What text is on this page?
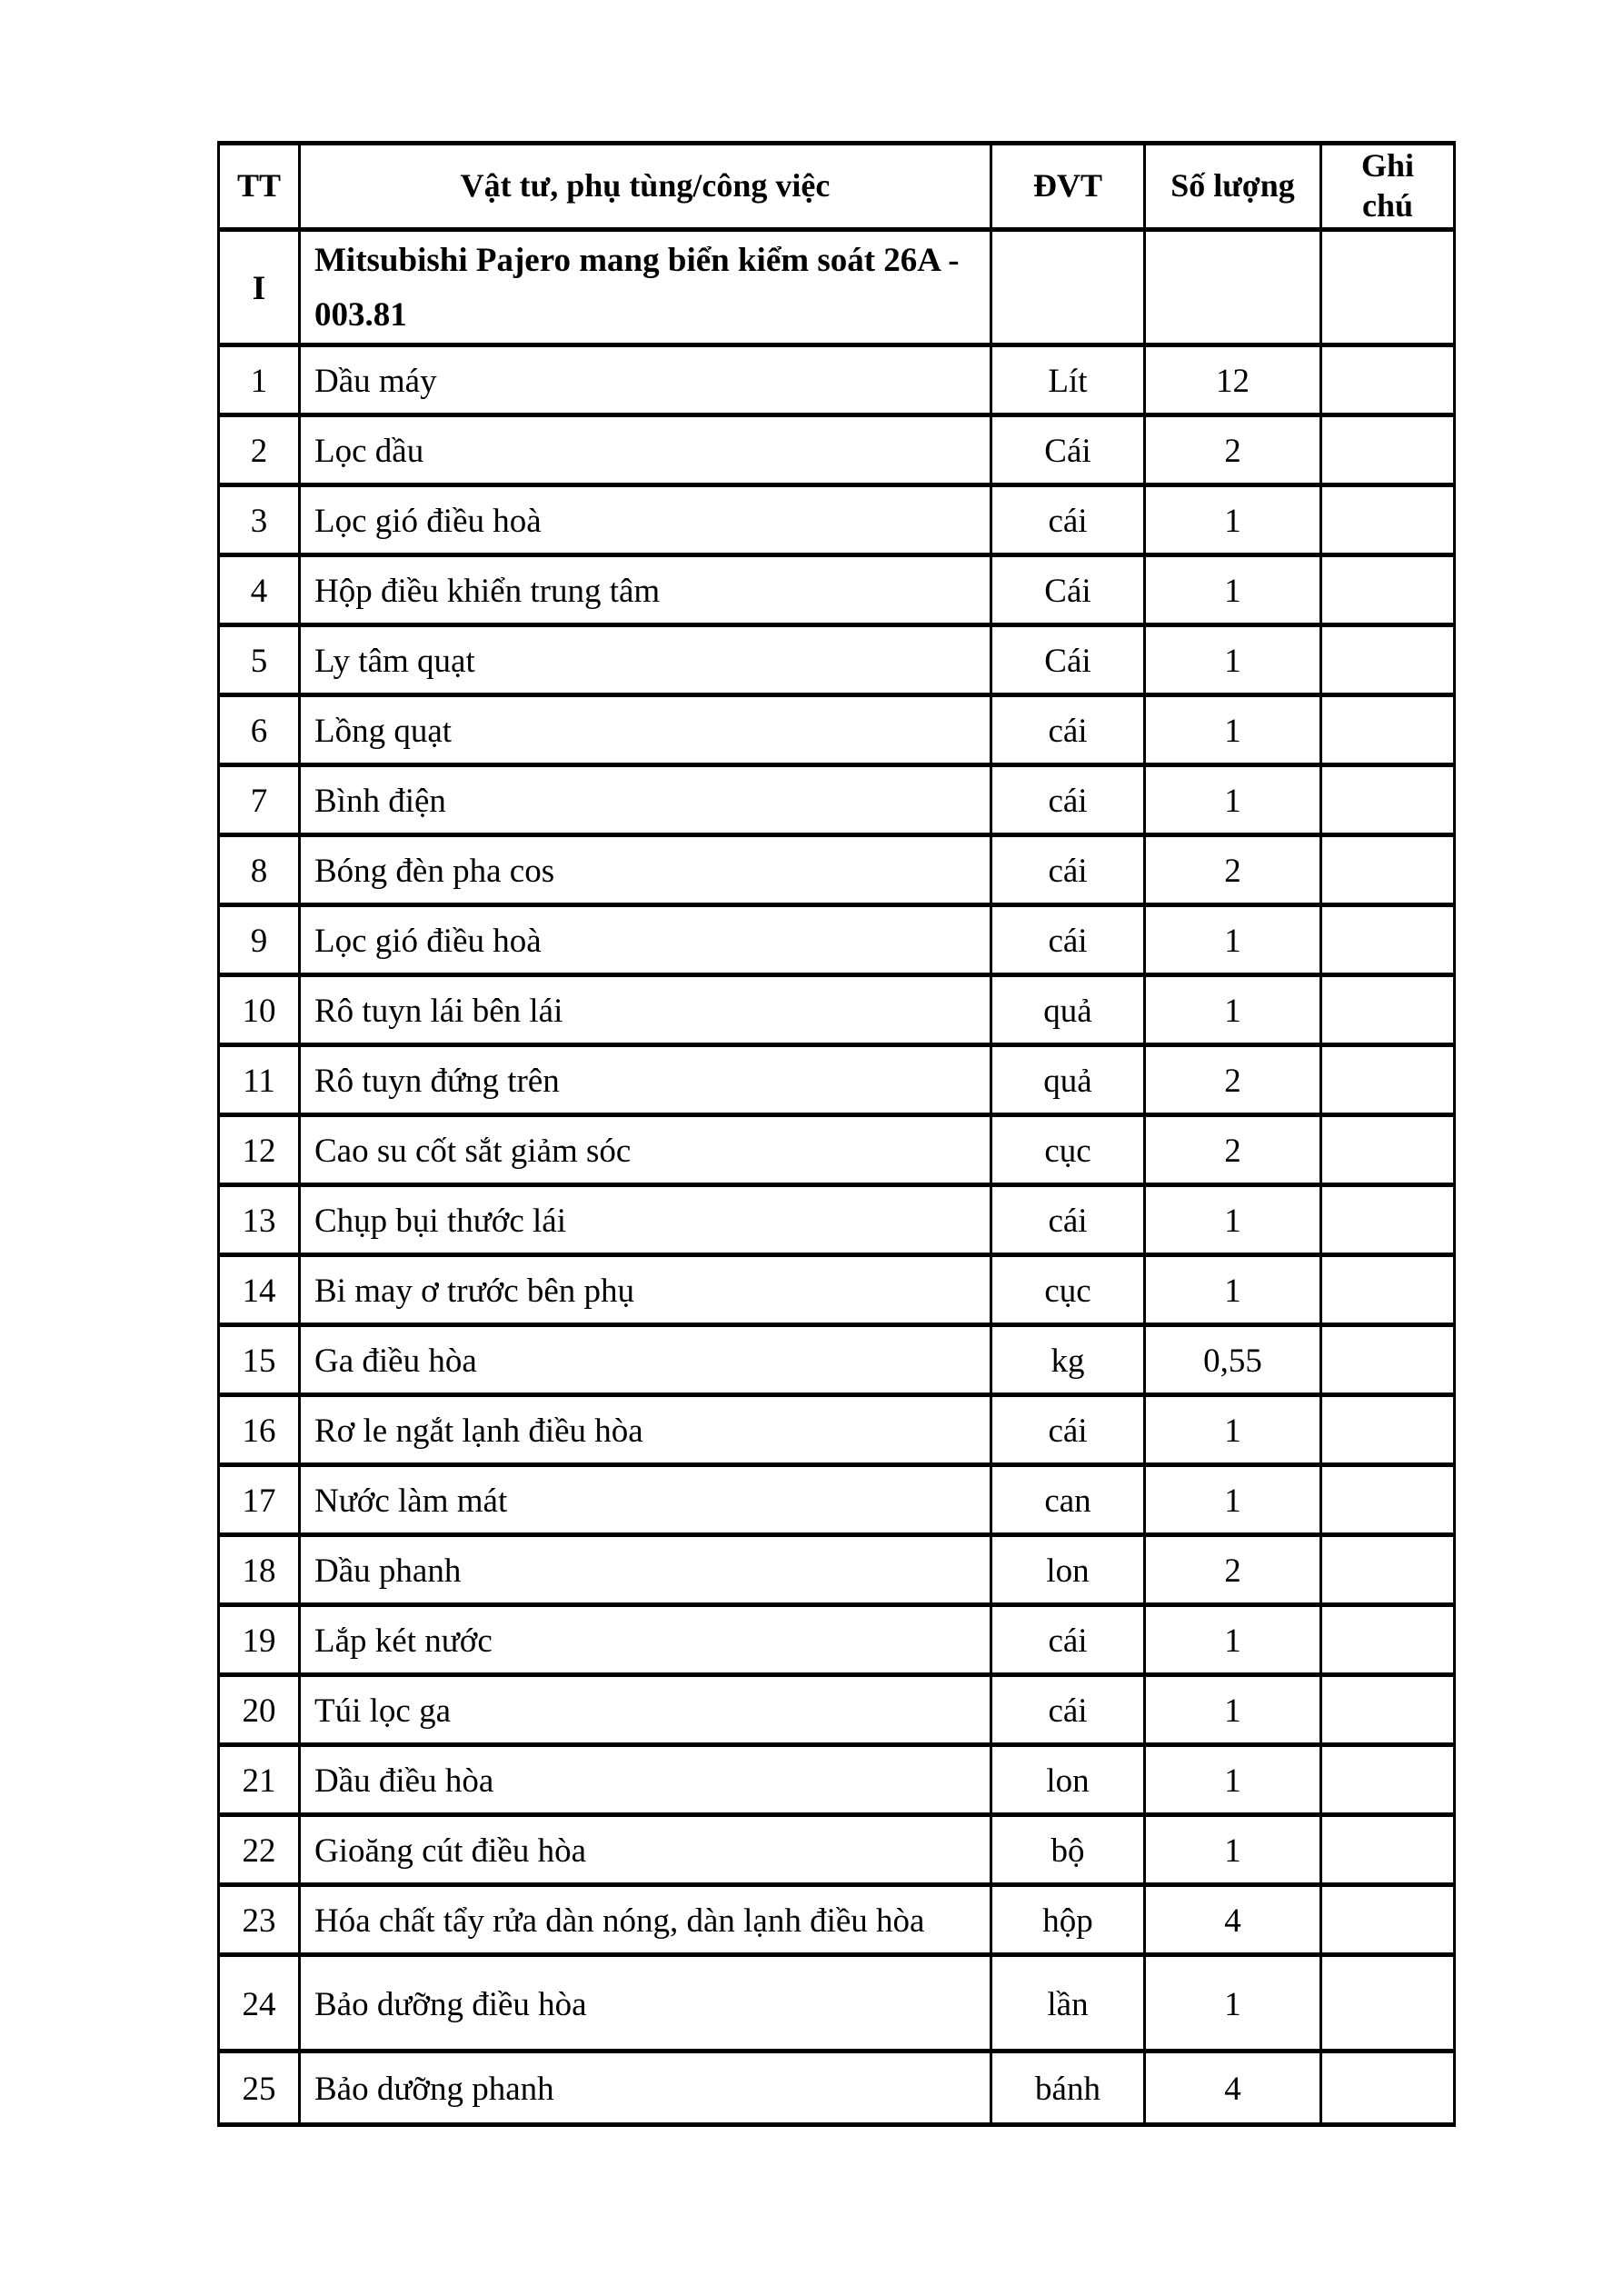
TT	Vật tư, phụ tùng/công việc	ĐVT	Số lượng	Ghi chú
I	Mitsubishi Pajero mang biển kiểm soát 26A - 003.81			
1	Dầu máy	Lít	12	
2	Lọc dầu	Cái	2	
3	Lọc gió điều hoà	cái	1	
4	Hộp điều khiển trung tâm	Cái	1	
5	Ly tâm quạt	Cái	1	
6	Lồng quạt	cái	1	
7	Bình điện	cái	1	
8	Bóng đèn pha cos	cái	2	
9	Lọc gió điều hoà	cái	1	
10	Rô tuyn lái bên lái	quả	1	
11	Rô tuyn đứng trên	quả	2	
12	Cao su cốt sắt giảm sóc	cục	2	
13	Chụp bụi thước lái	cái	1	
14	Bi may ơ trước bên phụ	cục	1	
15	Ga điều hòa	kg	0,55	
16	Rơ le ngắt lạnh điều hòa	cái	1	
17	Nước làm mát	can	1	
18	Dầu phanh	lon	2	
19	Lắp két nước	cái	1	
20	Túi lọc ga	cái	1	
21	Dầu điều hòa	lon	1	
22	Gioăng cút điều hòa	bộ	1	
23	Hóa chất tẩy rửa dàn nóng, dàn lạnh điều hòa	hộp	4	
24	Bảo dưỡng điều hòa	lần	1	
25	Bảo dưỡng phanh	bánh	4	
